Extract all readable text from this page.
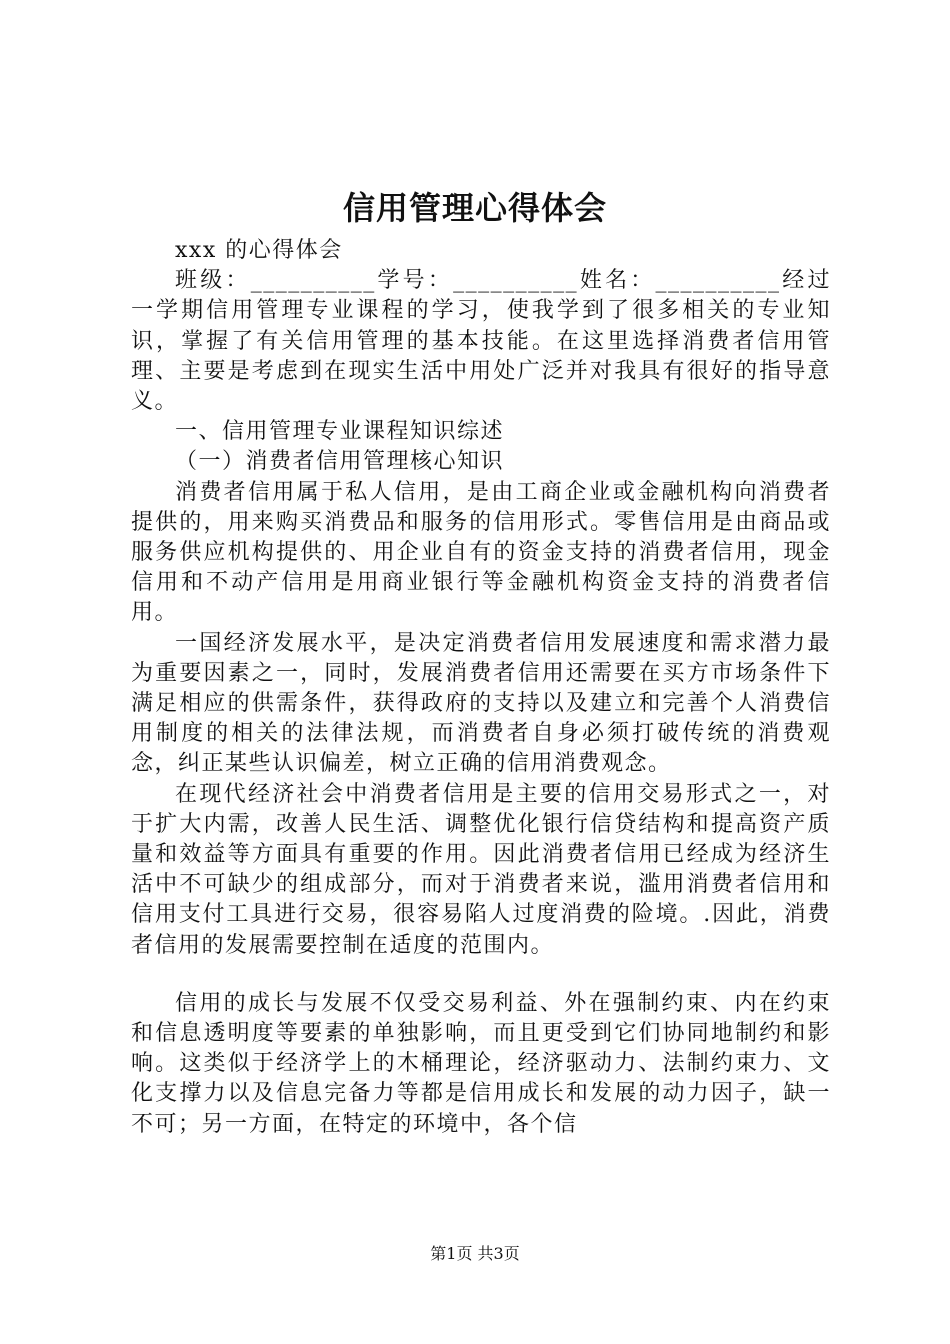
信用管理心得体会

xxx 的心得体会

班级：__________学号：__________姓名：__________经过一学期信用管理专业课程的学习，使我学到了很多相关的专业知识，掌握了有关信用管理的基本技能。在这里选择消费者信用管理、主要是考虑到在现实生活中用处广泛并对我具有很好的指导意义。

一、信用管理专业课程知识综述

（一）消费者信用管理核心知识

消费者信用属于私人信用，是由工商企业或金融机构向消费者提供的，用来购买消费品和服务的信用形式。零售信用是由商品或服务供应机构提供的、用企业自有的资金支持的消费者信用，现金信用和不动产信用是用商业银行等金融机构资金支持的消费者信用。

一国经济发展水平，是决定消费者信用发展速度和需求潜力最为重要因素之一，同时，发展消费者信用还需要在买方市场条件下满足相应的供需条件，获得政府的支持以及建立和完善个人消费信用制度的相关的法律法规，而消费者自身必须打破传统的消费观念，纠正某些认识偏差，树立正确的信用消费观念。

在现代经济社会中消费者信用是主要的信用交易形式之一，对于扩大内需，改善人民生活、调整优化银行信贷结构和提高资产质量和效益等方面具有重要的作用。因此消费者信用已经成为经济生活中不可缺少的组成部分，而对于消费者来说，滥用消费者信用和信用支付工具进行交易，很容易陷人过度消费的险境。.因此，消费者信用的发展需要控制在适度的范围内。

信用的成长与发展不仅受交易利益、外在强制约束、内在约束和信息透明度等要素的单独影响，而且更受到它们协同地制约和影响。这类似于经济学上的木桶理论，经济驱动力、法制约束力、文化支撑力以及信息完备力等都是信用成长和发展的动力因子，缺一不可；另一方面，在特定的环境中，各个信

第1页 共3页
